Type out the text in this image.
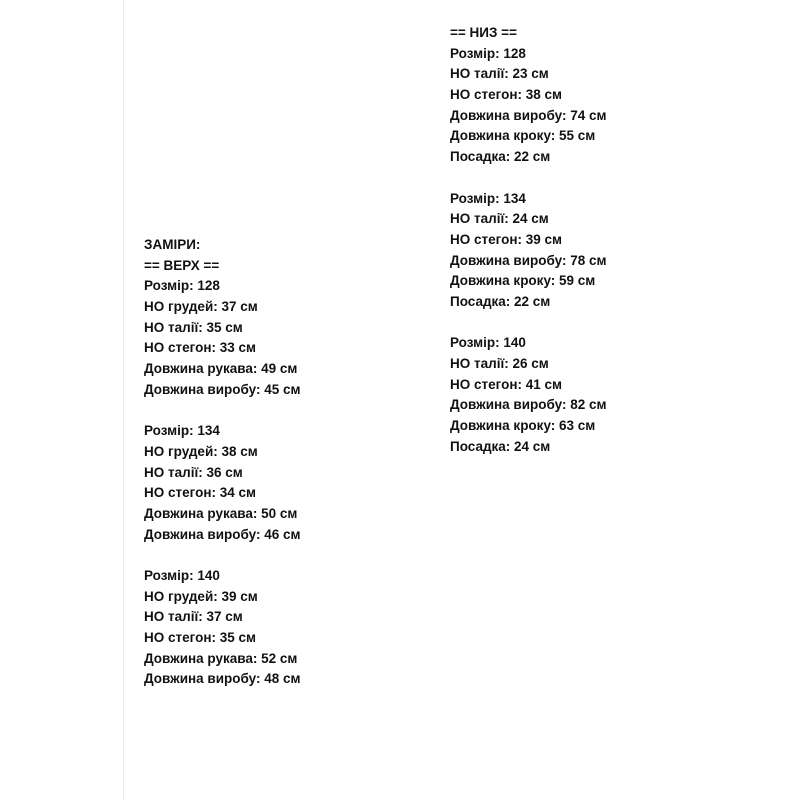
ЗАМІРИ:
== ВЕРХ ==
Розмір: 128
НО грудей: 37 см
НО талії: 35 см
НО стегон: 33 см
Довжина рукава: 49 см
Довжина виробу: 45 см
Розмір: 134
НО грудей: 38 см
НО талії: 36 см
НО стегон: 34 см
Довжина рукава: 50 см
Довжина виробу: 46 см
Розмір: 140
НО грудей: 39 см
НО талії: 37 см
НО стегон: 35 см
Довжина рукава: 52 см
Довжина виробу: 48 см
== НИЗ ==
Розмір: 128
НО талії: 23 см
НО стегон: 38 см
Довжина виробу: 74 см
Довжина кроку: 55 см
Посадка: 22 см
Розмір: 134
НО талії: 24 см
НО стегон: 39 см
Довжина виробу: 78 см
Довжина кроку: 59 см
Посадка: 22 см
Розмір: 140
НО талії: 26 см
НО стегон: 41 см
Довжина виробу: 82 см
Довжина кроку: 63 см
Посадка: 24 см
